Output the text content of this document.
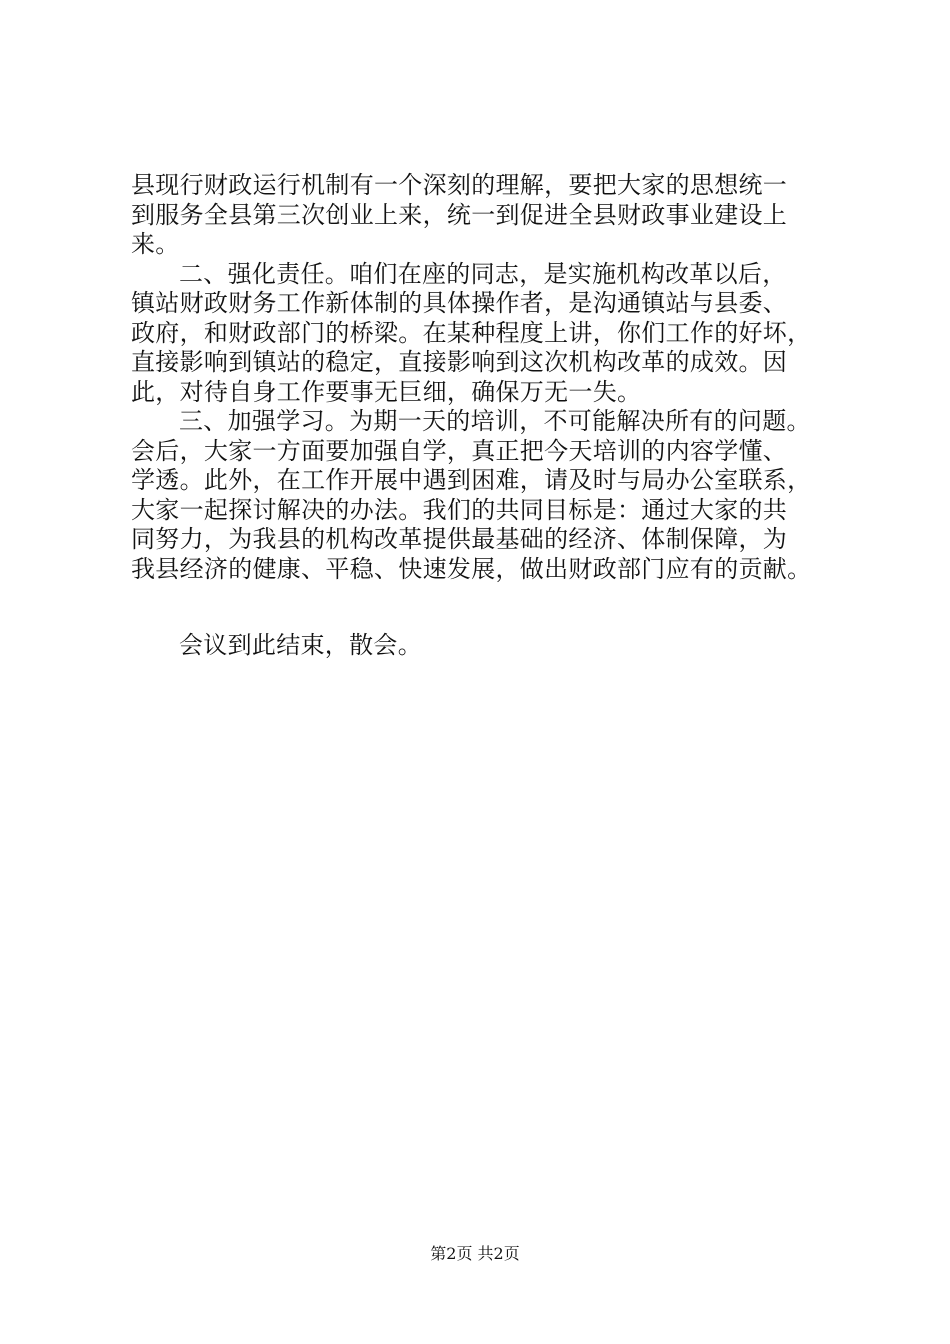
县现行财政运行机制有一个深刻的理解，要把大家的思想统一
到服务全县第三次创业上来，统一到促进全县财政事业建设上
来。
二、强化责任。咱们在座的同志，是实施机构改革以后，
镇站财政财务工作新体制的具体操作者，是沟通镇站与县委、
政府，和财政部门的桥梁。在某种程度上讲，你们工作的好坏，
直接影响到镇站的稳定，直接影响到这次机构改革的成效。因
此，对待自身工作要事无巨细，确保万无一失。
三、加强学习。为期一天的培训，不可能解决所有的问题。
会后，大家一方面要加强自学，真正把今天培训的内容学懂、
学透。此外，在工作开展中遇到困难，请及时与局办公室联系，
大家一起探讨解决的办法。我们的共同目标是：通过大家的共
同努力，为我县的机构改革提供最基础的经济、体制保障，为
我县经济的健康、平稳、快速发展，做出财政部门应有的贡献。
会议到此结束，散会。
第2页 共2页
